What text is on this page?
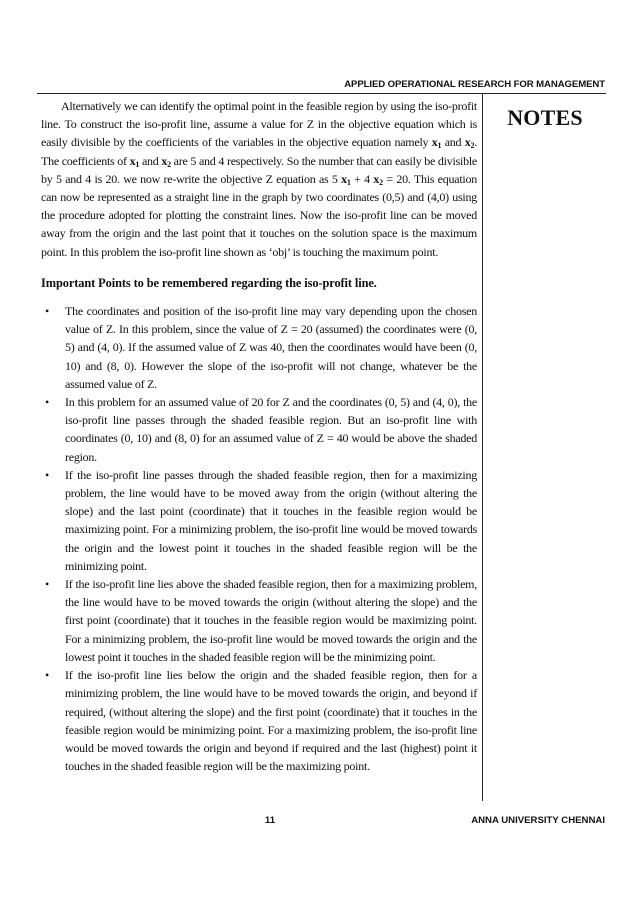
APPLIED OPERATIONAL RESEARCH FOR MANAGEMENT
NOTES

Alternatively we can identify the optimal point in the feasible region by using the iso-profit line. To construct the iso-profit line, assume a value for Z in the objective equation which is easily divisible by the coefficients of the variables in the objective equation namely $x_1$ and $x_2$. The coefficients of $x_1$ and $x_2$ are 5 and 4 respectively. So the number that can easily be divisible by 5 and 4 is 20. we now re-write the objective Z equation as 5 $x_1 + 4$ $x_2 = 20$. This equation can now be represented as a straight line in the graph by two coordinates (0,5) and (4,0) using the procedure adopted for plotting the constraint lines. Now the iso-profit line can be moved away from the origin and the last point that it touches on the solution space is the maximum point. In this problem the iso-profit line shown as ‘obj’ is touching the maximum point.

Important Points to be remembered regarding the iso-profit line.
• The coordinates and position of the iso-profit line may vary depending upon the chosen value of Z. In this problem, since the value of Z = 20 (assumed) the coordinates were (0, 5) and (4, 0). If the assumed value of Z was 40, then the coordinates would have been (0, 10) and (8, 0). However the slope of the iso-profit will not change, whatever be the assumed value of Z.
• In this problem for an assumed value of 20 for Z and the coordinates (0, 5) and (4, 0), the iso-profit line passes through the shaded feasible region. But an iso-profit line with coordinates (0, 10) and (8, 0) for an assumed value of Z = 40 would be above the shaded region.
• If the iso-profit line passes through the shaded feasible region, then for a maximizing problem, the line would have to be moved away from the origin (without altering the slope) and the last point (coordinate) that it touches in the feasible region would be maximizing point. For a minimizing problem, the iso-profit line would be moved towards the origin and the lowest point it touches in the shaded feasible region will be the minimizing point.
• If the iso-profit line lies above the shaded feasible region, then for a maximizing problem, the line would have to be moved towards the origin (without altering the slope) and the first point (coordinate) that it touches in the feasible region would be maximizing point. For a minimizing problem, the iso-profit line would be moved towards the origin and the lowest point it touches in the shaded feasible region will be the minimizing point.
• If the iso-profit line lies below the origin and the shaded feasible region, then for a minimizing problem, the line would have to be moved towards the origin, and beyond if required, (without altering the slope) and the first point (coordinate) that it touches in the feasible region would be minimizing point. For a maximizing problem, the iso-profit line would be moved towards the origin and beyond if required and the last (highest) point it touches in the shaded feasible region will be the maximizing point.
11	ANNA UNIVERSITY CHENNAI
